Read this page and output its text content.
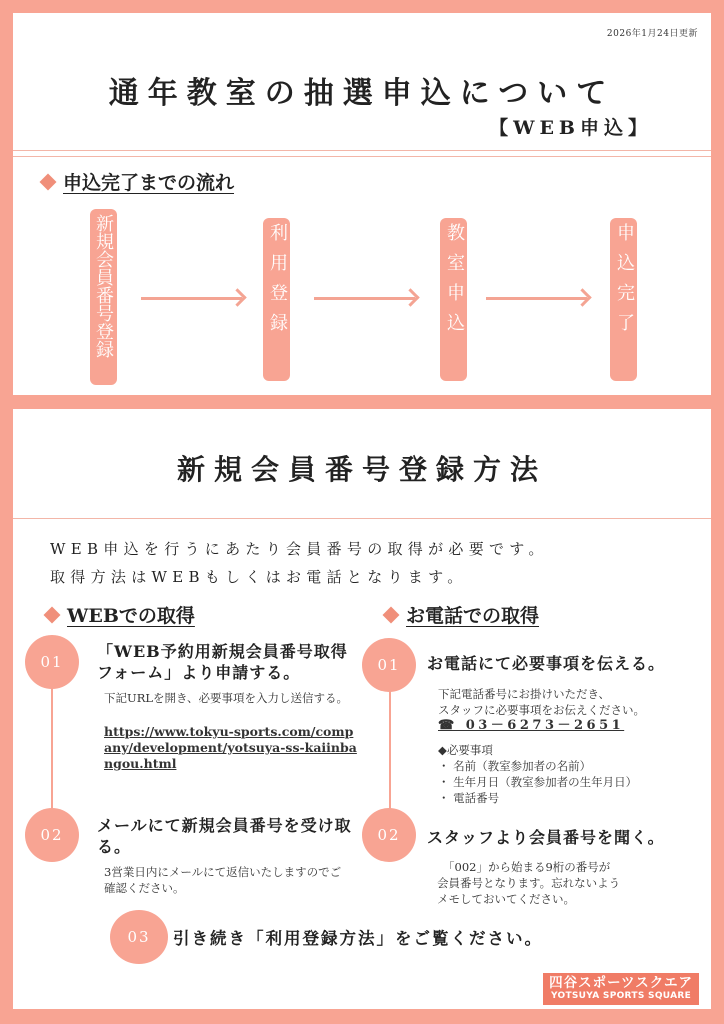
2026年1月24日更新
通年教室の抽選申込について
【WEB申込】
申込完了までの流れ
新規会員番号登録	利用登録	教室申込	申込完了
新規会員番号登録方法
WEB申込を行うにあたり会員番号の取得が必要です。
取得方法はWEBもしくはお電話となります。
WEBでの取得
01
「WEB予約用新規会員番号取得フォーム」より申請する。
下記URLを開き、必要事項を入力し送信する。
https://www.tokyu-sports.com/company/development/yotsuya-ss-kaiinbangou.html
02	メールにて新規会員番号を受け取る。
3営業日内にメールにて返信いたしますのでご確認ください。
お電話での取得
01	お電話にて必要事項を伝える。
下記電話番号にお掛けいただき、
スタッフに必要事項をお伝えください。
☎ 03－6273－2651
◆必要事項
・ 名前（教室参加者の名前）
・ 生年月日（教室参加者の生年月日）
・ 電話番号
02	スタッフより会員番号を聞く。
「002」から始まる9桁の番号が
会員番号となります。忘れないよう
メモしておいてください。
03	引き続き「利用登録方法」をご覧ください。
四谷スポーツスクエア
YOTSUYA SPORTS SQUARE
